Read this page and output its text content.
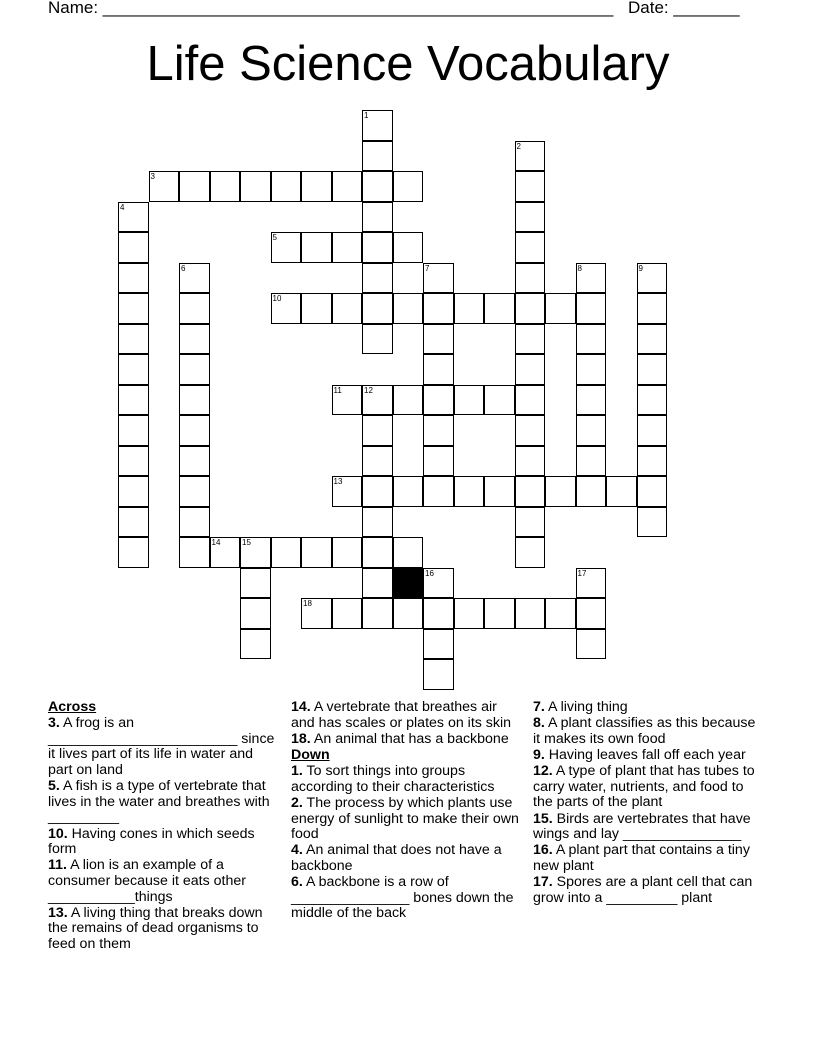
Name: ______________________________________________________

Date: _______

Life Science Vocabulary
1
2
3
4
5
6	7	8	9
10
11	12
13
14	15
16	17
18

Across

3. A frog is an ________________________ since it lives part of its life in water and part on land

5. A fish is a type of vertebrate that lives in the water and breathes with _________

10. Having cones in which seeds form

11. A lion is an example of a consumer because it eats other ___________things

13. A living thing that breaks down the remains of dead organisms to feed on them

14. A vertebrate that breathes air and has scales or plates on its skin

18. An animal that has a backbone

Down

1. To sort things into groups according to their characteristics

2. The process by which plants use energy of sunlight to make their own food

4. An animal that does not have a backbone

6. A backbone is a row of _______________ bones down the middle of the back

7. A living thing

8. A plant classifies as this because it makes its own food

9. Having leaves fall off each year

12. A type of plant that has tubes to carry water, nutrients, and food to the parts of the plant

15. Birds are vertebrates that have wings and lay _______________

16. A plant part that contains a tiny new plant

17. Spores are a plant cell that can grow into a _________ plant
